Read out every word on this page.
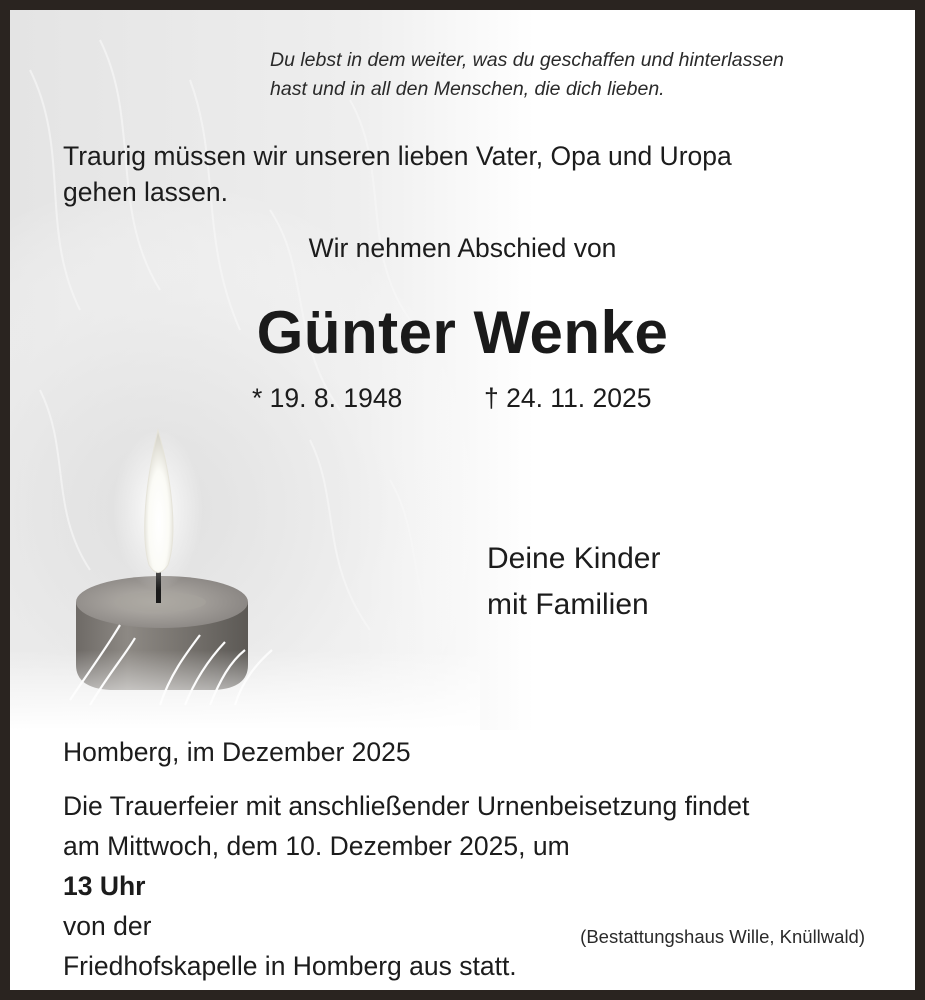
Du lebst in dem weiter, was du geschaffen und hinterlassen
hast und in all den Menschen, die dich lieben.

Traurig müssen wir unseren lieben Vater, Opa und Uropa
gehen lassen.

Wir nehmen Abschied von

Günter Wenke

* 19. 8. 1948	† 24. 11. 2025

Deine Kinder
mit Familien

Homberg, im Dezember 2025

Die Trauerfeier mit anschließender Urnenbeisetzung findet
am Mittwoch, dem 10. Dezember 2025, um
13 Uhr
von der
Friedhofskapelle in Homberg aus statt.

(Bestattungshaus Wille, Knüllwald)
